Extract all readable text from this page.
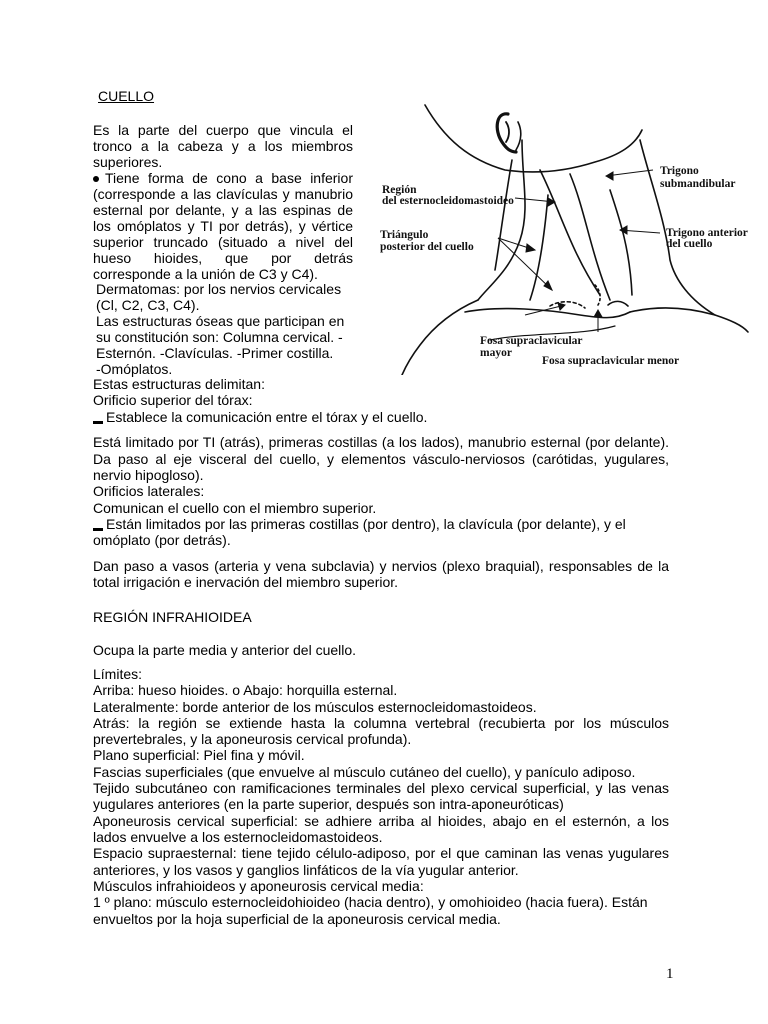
CUELLO
Es la parte del cuerpo que vincula el
tronco a la cabeza y a los miembros
superiores.
Tiene forma de cono a base inferior
(corresponde a las clavículas y manubrio
esternal por delante, y a las espinas de
los omóplatos y TI por detrás), y vértice
superior truncado (situado a nivel del
hueso hioides, que por detrás
corresponde a la unión de C3 y C4).
Dermatomas: por los nervios cervicales
(Cl, C2, C3, C4).
Las estructuras óseas que participan en
su constitución son: Columna cervical. -
Esternón. -Clavículas. -Primer costilla.
-Omóplatos.
Estas estructuras delimitan:
Orificio superior del tórax:
▬ Establece la comunicación entre el tórax y el cuello.
Está limitado por TI (atrás), primeras costillas (a los lados), manubrio esternal (por delante).
Da paso al eje visceral del cuello, y elementos vásculo-nerviosos (carótidas, yugulares,
nervio hipogloso).
Orificios laterales:
Comunican el cuello con el miembro superior.
▬ Están limitados por las primeras costillas (por dentro), la clavícula (por delante), y el
omóplato (por detrás).
Dan paso a vasos (arteria y vena subclavia) y nervios (plexo braquial), responsables de la
total irrigación e inervación del miembro superior.
REGIÓN INFRAHIOIDEA
Ocupa la parte media y anterior del cuello.
Límites:
Arriba: hueso hioides. o Abajo: horquilla esternal.
Lateralmente: borde anterior de los músculos esternocleidomastoideos.
Atrás: la región se extiende hasta la columna vertebral (recubierta por los músculos
prevertebrales, y la aponeurosis cervical profunda).
Plano superficial: Piel fina y móvil.
Fascias superficiales (que envuelve al músculo cutáneo del cuello), y panículo adiposo.
Tejido subcutáneo con ramificaciones terminales del plexo cervical superficial, y las venas
yugulares anteriores (en la parte superior, después son intra-aponeuróticas)
Aponeurosis cervical superficial: se adhiere arriba al hioides, abajo en el esternón, a los
lados envuelve a los esternocleidomastoideos.
Espacio supraesternal: tiene tejido célulo-adiposo, por el que caminan las venas yugulares
anteriores, y los vasos y ganglios linfáticos de la vía yugular anterior.
Músculos infrahioideos y aponeurosis cervical media:
1 º plano: músculo esternocleidohioideo (hacia dentro), y omohioideo (hacia fuera). Están
envueltos por la hoja superficial de la aponeurosis cervical media.
Trigono
submandibular
Región
del esternocleidomastoideo
Triángulo
posterior del cuello
Trigono anterior
del cuello
Fosa supraclavicular
mayor
Fosa supraclavicular menor
1
